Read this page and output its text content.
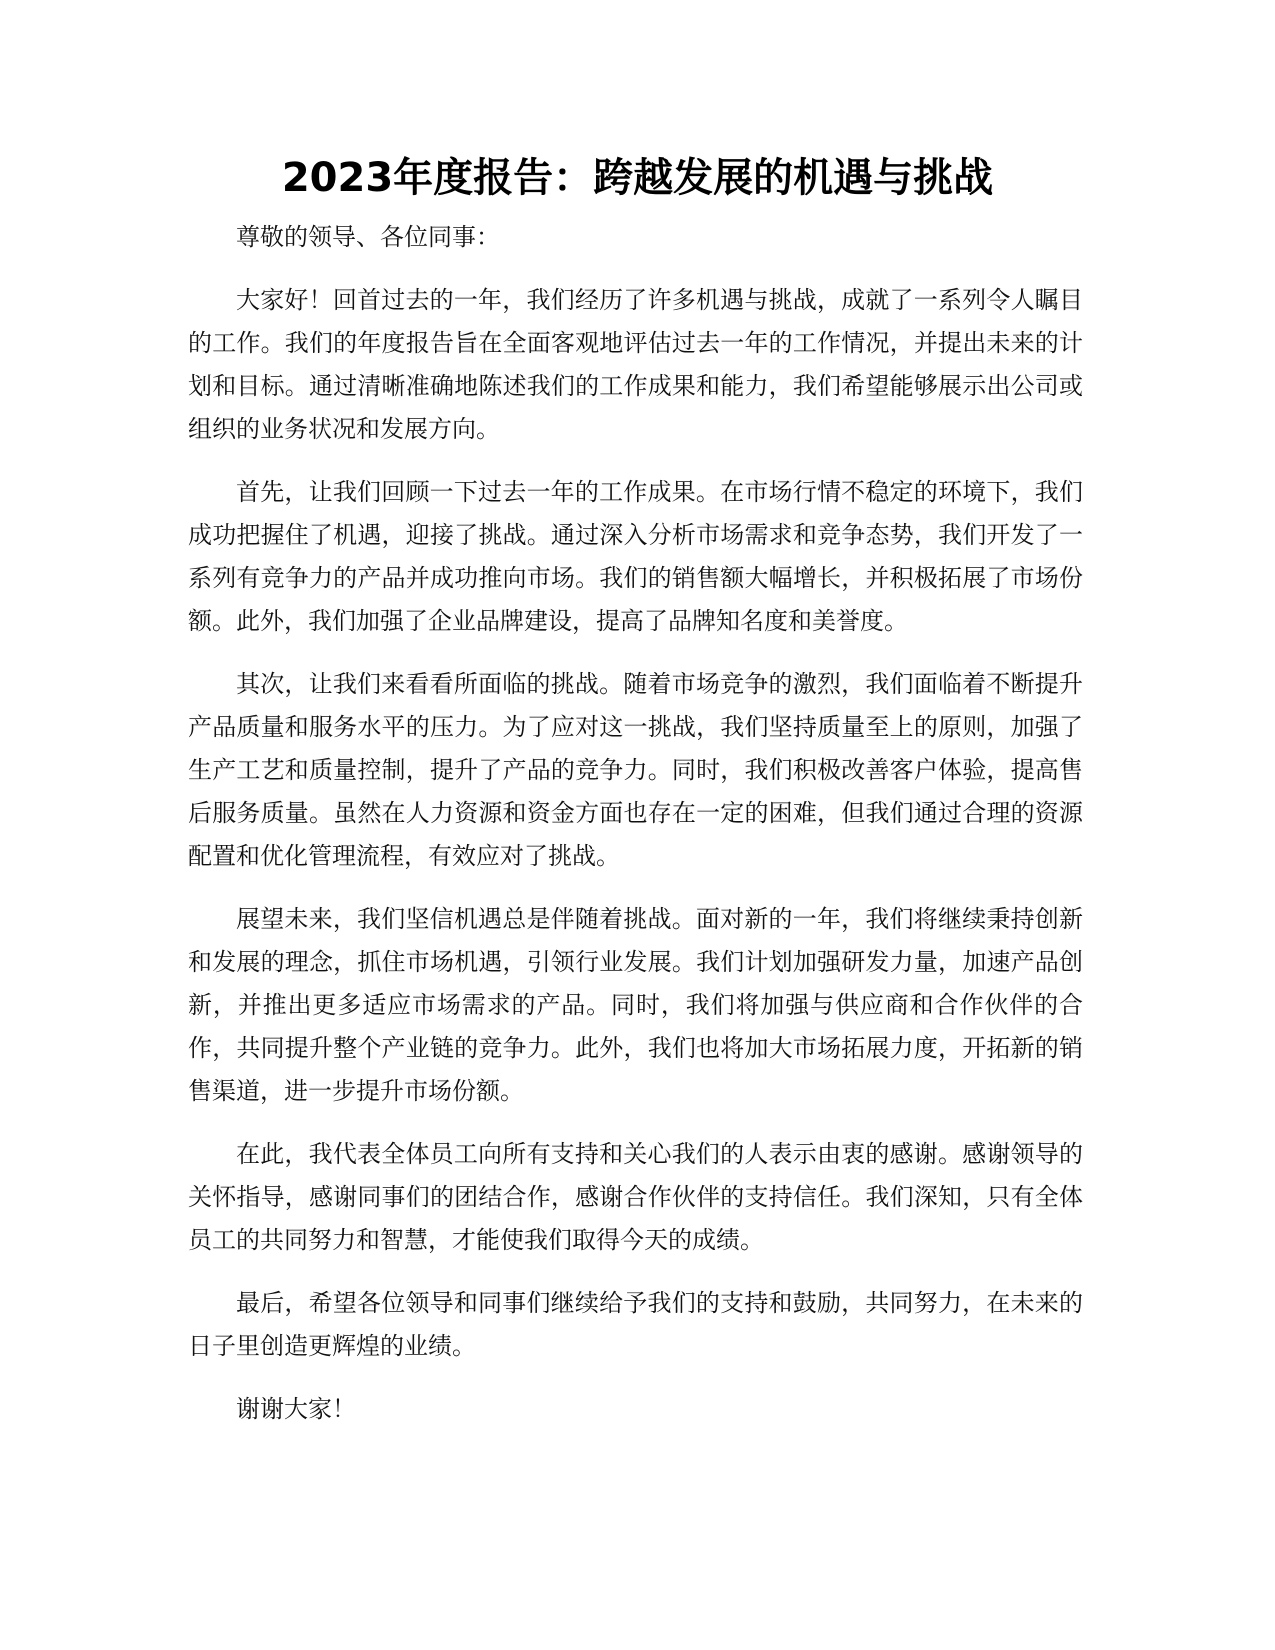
2023年度报告：跨越发展的机遇与挑战

尊敬的领导、各位同事：

大家好！回首过去的一年，我们经历了许多机遇与挑战，成就了一系列令人瞩目的工作。我们的年度报告旨在全面客观地评估过去一年的工作情况，并提出未来的计划和目标。通过清晰准确地陈述我们的工作成果和能力，我们希望能够展示出公司或组织的业务状况和发展方向。

首先，让我们回顾一下过去一年的工作成果。在市场行情不稳定的环境下，我们成功把握住了机遇，迎接了挑战。通过深入分析市场需求和竞争态势，我们开发了一系列有竞争力的产品并成功推向市场。我们的销售额大幅增长，并积极拓展了市场份额。此外，我们加强了企业品牌建设，提高了品牌知名度和美誉度。

其次，让我们来看看所面临的挑战。随着市场竞争的激烈，我们面临着不断提升产品质量和服务水平的压力。为了应对这一挑战，我们坚持质量至上的原则，加强了生产工艺和质量控制，提升了产品的竞争力。同时，我们积极改善客户体验，提高售后服务质量。虽然在人力资源和资金方面也存在一定的困难，但我们通过合理的资源配置和优化管理流程，有效应对了挑战。

展望未来，我们坚信机遇总是伴随着挑战。面对新的一年，我们将继续秉持创新和发展的理念，抓住市场机遇，引领行业发展。我们计划加强研发力量，加速产品创新，并推出更多适应市场需求的产品。同时，我们将加强与供应商和合作伙伴的合作，共同提升整个产业链的竞争力。此外，我们也将加大市场拓展力度，开拓新的销售渠道，进一步提升市场份额。

在此，我代表全体员工向所有支持和关心我们的人表示由衷的感谢。感谢领导的关怀指导，感谢同事们的团结合作，感谢合作伙伴的支持信任。我们深知，只有全体员工的共同努力和智慧，才能使我们取得今天的成绩。

最后，希望各位领导和同事们继续给予我们的支持和鼓励，共同努力，在未来的日子里创造更辉煌的业绩。

谢谢大家！
